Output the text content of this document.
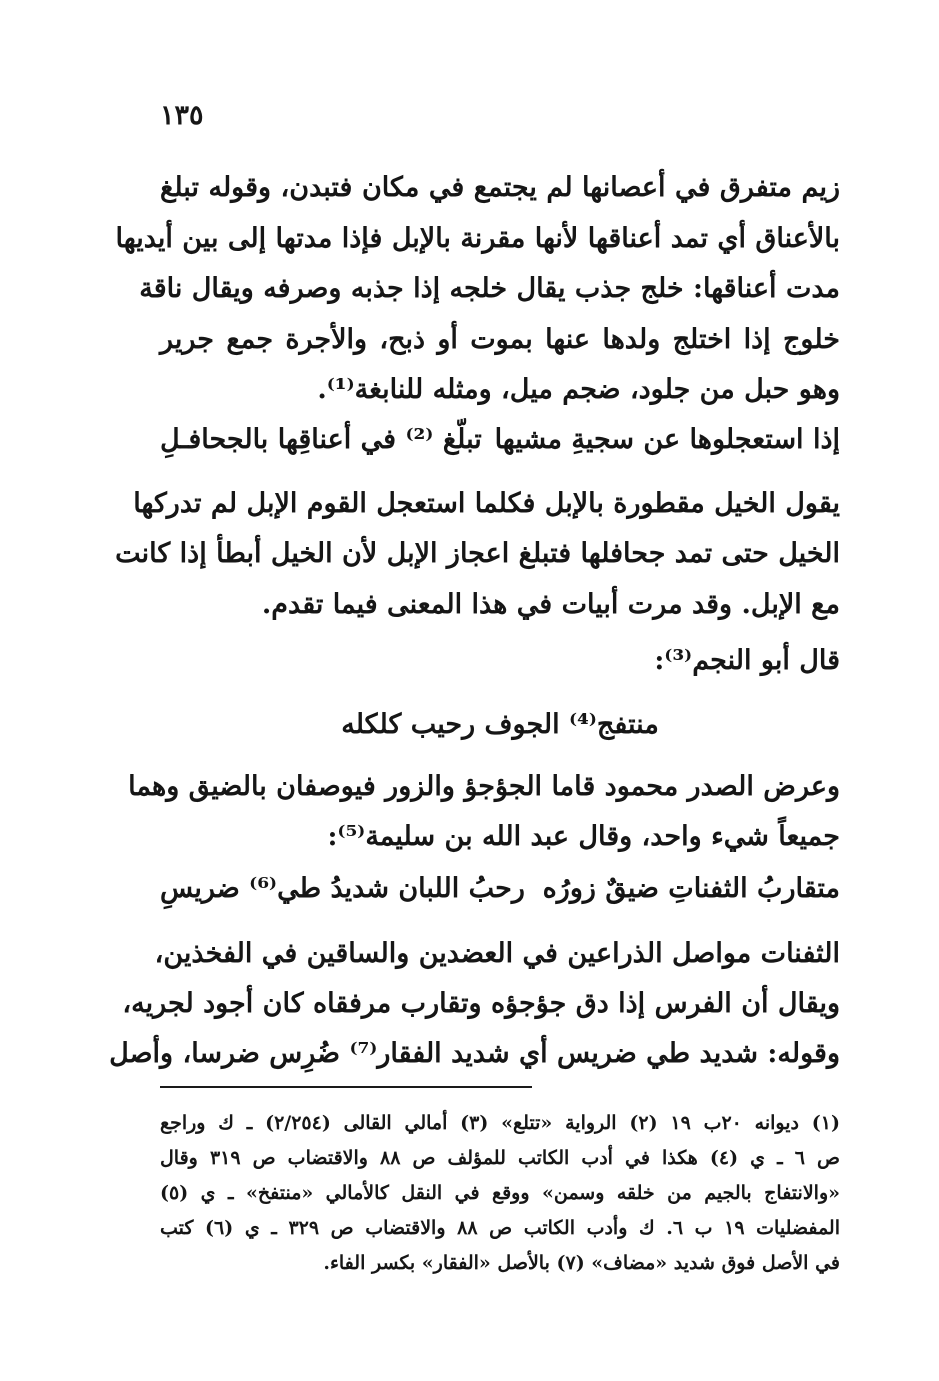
١٣٥
زيم متفرق في أعصانها لم يجتمع في مكان فتبدن، وقوله تبلغ
بالأعناق أي تمد أعناقها لأنها مقرنة بالإبل فإذا مدتها إلى بين أيديها
مدت أعناقها: خلج جذب يقال خلجه إذا جذبه وصرفه ويقال ناقة
خلوج إذا اختلج ولدها عنها بموت أو ذبح، والأجرة جمع جرير
وهو حبل من جلود، ضجم ميل، ومثله للنابغة⁽¹⁾.
إذا استعجلوها عن سجيةِ مشيها
تبلّغ ⁽²⁾ في أعناقِها بالجحافـلِ
يقول الخيل مقطورة بالإبل فكلما استعجل القوم الإبل لم تدركها
الخيل حتى تمد جحافلها فتبلغ اعجاز الإبل لأن الخيل أبطأ إذا كانت
مع الإبل. وقد مرت أبيات في هذا المعنى فيما تقدم.
قال أبو النجم⁽³⁾:
منتفج⁽⁴⁾ الجوف رحيب كلكله
وعرض الصدر محمود قاما الجؤجؤ والزور فيوصفان بالضيق وهما
جميعاً شيء واحد، وقال عبد الله بن سليمة⁽⁵⁾:
متقاربُ الثفناتِ ضيقٌ زورُه
رحبُ اللبان شديدُ طي⁽⁶⁾ ضريسِ
الثفنات مواصل الذراعين في العضدين والساقين في الفخذين،
ويقال أن الفرس إذا دق جؤجؤه وتقارب مرفقاه كان أجود لجريه،
وقوله: شديد طي ضريس أي شديد الفقار⁽⁷⁾ ضُرِس ضرسا، وأصل
(١) ديوانه ٢٠ب ١٩ (٢) الرواية «تتلع» (٣) أمالي القالى (٢/٢٥٤) ـ ك وراجع
ص ٦ ـ ي (٤) هكذا في أدب الكاتب للمؤلف ص ٨٨ والاقتضاب ص ٣١٩ وقال
«والانتفاج بالجيم من خلقه وسمن» ووقع في النقل كالأمالي «منتفخ» ـ ي (٥)
المفضليات ١٩ ب ٦. ك وأدب الكاتب ص ٨٨ والاقتضاب ص ٣٢٩ ـ ي (٦) كتب
في الأصل فوق شديد «مضاف» (٧) بالأصل «الفقار» بكسر الفاء.
